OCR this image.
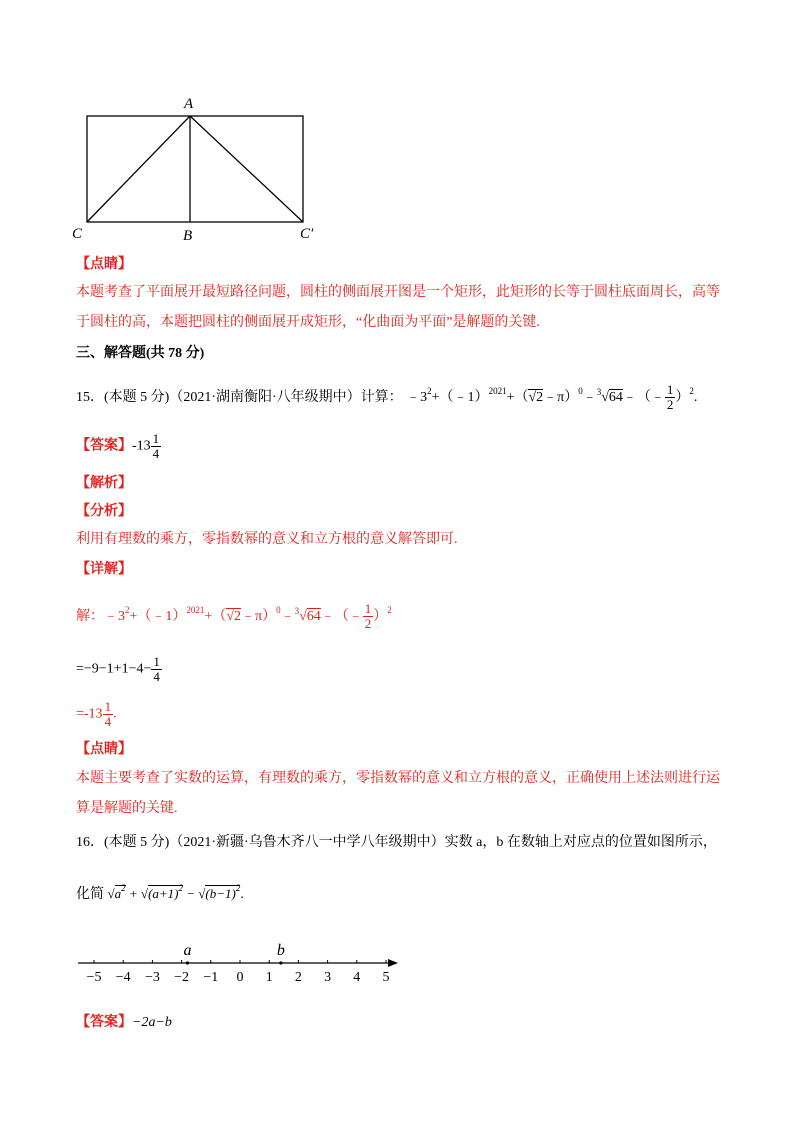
A
C	B	C′
【点睛】
本题考查了平面展开最短路径问题，圆柱的侧面展开图是一个矩形，此矩形的长等于圆柱底面周长，高等
于圆柱的高，本题把圆柱的侧面展开成矩形，“化曲面为平面”是解题的关键.
三、解答题(共 78 分)
15．(本题 5 分)（2021·湖南衡阳·八年级期中）计算： $﹣3^2+(﹣1)^{2021}+(√2﹣\pi)^0﹣^3√64﹣(﹣ \frac{1}{2} )^2$.
【答案】$-13 \frac{1}{4}$
【解析】
【分析】
利用有理数的乘方，零指数幂的意义和立方根的意义解答即可.
【详解】
解：$﹣3^2+(﹣1)^{2021}+(√2﹣\pi)^0﹣^3√64﹣(﹣ \frac{1}{2} )^2$
$=-9-1+1-4- \frac{1}{4}$
$=-13 \frac{1}{4}$ .
【点睛】
本题主要考查了实数的运算，有理数的乘方，零指数幂的意义和立方根的意义，正确使用上述法则进行运
算是解题的关键.
16．(本题 5 分)（2021·新疆·乌鲁木齐八一中学八年级期中）实数 a，b 在数轴上对应点的位置如图所示，
化简 $√a^2 + √(a+1)^2 - √(b-1)^2$.
−5 −4 −3 −2 −1 0 1 2 3 4 5
a	b
【答案】−2a−b
